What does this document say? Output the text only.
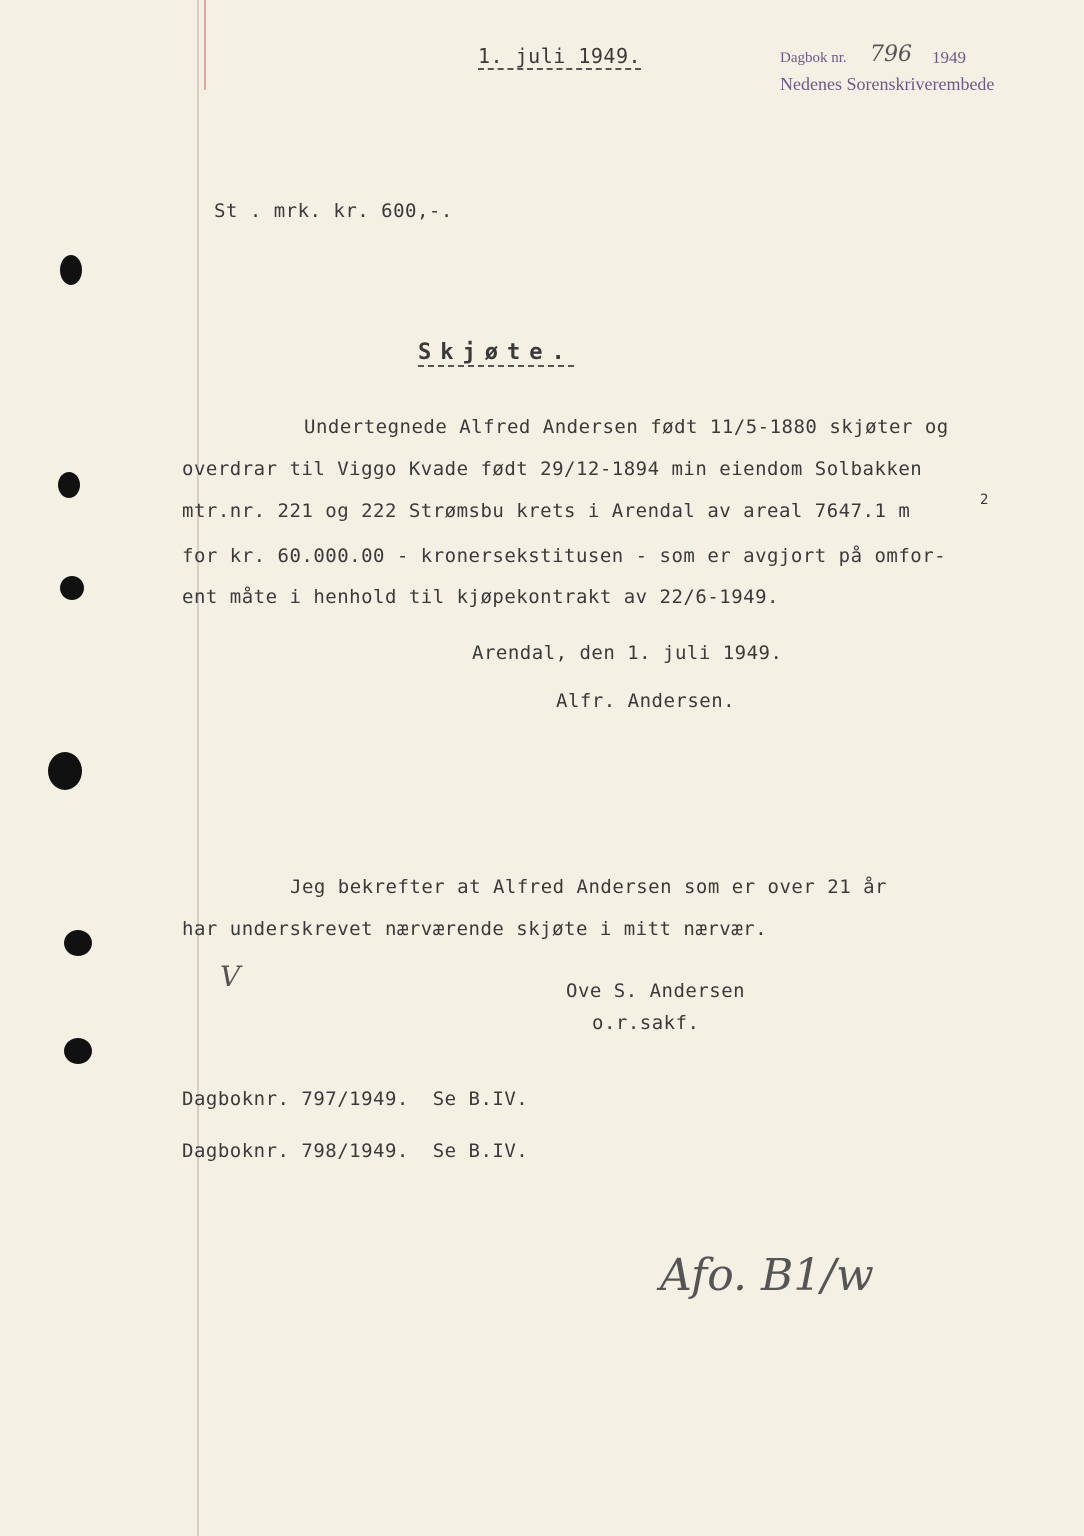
1. juli 1949.	Dagbok nr. 796 1949
Nedenes Sorenskriverembede
St . mrk. kr. 600,-.
Skjøte.
Undertegnede Alfred Andersen født 11/5-1880 skjøter og
overdrar til Viggo Kvade født 29/12-1894 min eiendom Solbakken
mtr.nr. 221 og 222 Strømsbu krets i Arendal av areal 7647.1 m	2
for kr. 60.000.00 - kronersekstitusen - som er avgjort på omfor-
ent måte i henhold til kjøpekontrakt av 22/6-1949.
Arendal, den 1. juli 1949.
Alfr. Andersen.
Jeg bekrefter at Alfred Andersen som er over 21 år
har underskrevet nærværende skjøte i mitt nærvær.
V	Ove S. Andersen
o.r.sakf.
Dagboknr. 797/1949.  Se B.IV.
Dagboknr. 798/1949.  Se B.IV.
Afo. B1/w
